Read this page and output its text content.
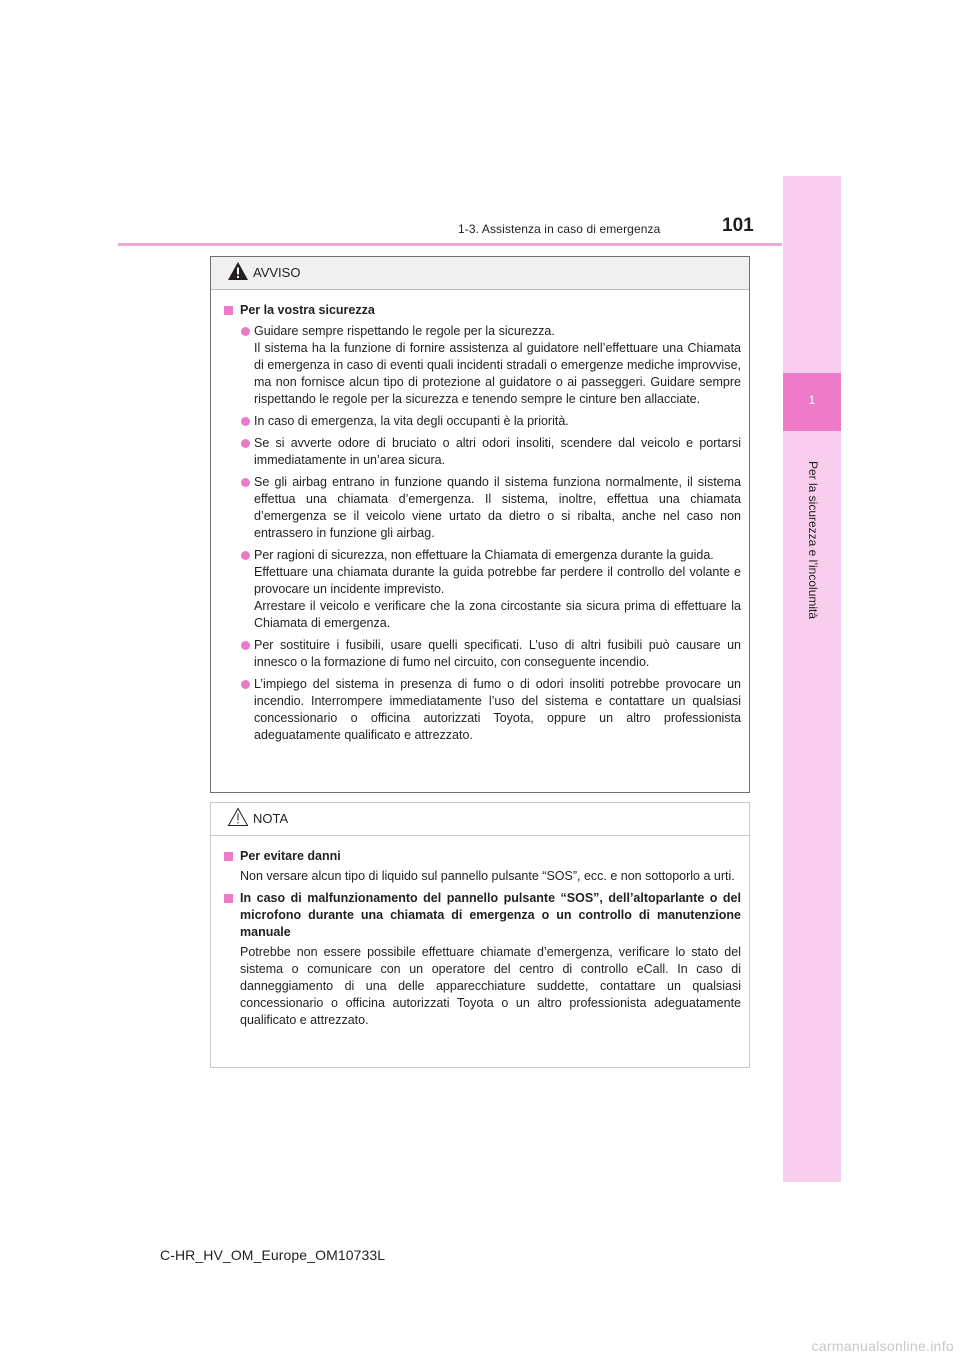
1-3. Assistenza in caso di emergenza	101
1
Per la sicurezza e l’incolumità
AVVISO
Per la vostra sicurezza
Guidare sempre rispettando le regole per la sicurezza.
Il sistema ha la funzione di fornire assistenza al guidatore nell’effettuare una Chiamata di emergenza in caso di eventi quali incidenti stradali o emergenze mediche improvvise, ma non fornisce alcun tipo di protezione al guidatore o ai passeggeri. Guidare sempre rispettando le regole per la sicurezza e tenendo sempre le cinture ben allacciate.
In caso di emergenza, la vita degli occupanti è la priorità.
Se si avverte odore di bruciato o altri odori insoliti, scendere dal veicolo e portarsi immediatamente in un’area sicura.
Se gli airbag entrano in funzione quando il sistema funziona normalmente, il sistema effettua una chiamata d’emergenza. Il sistema, inoltre, effettua una chiamata d’emergenza se il veicolo viene urtato da dietro o si ribalta, anche nel caso non entrassero in funzione gli airbag.
Per ragioni di sicurezza, non effettuare la Chiamata di emergenza durante la guida.
Effettuare una chiamata durante la guida potrebbe far perdere il controllo del volante e provocare un incidente imprevisto.
Arrestare il veicolo e verificare che la zona circostante sia sicura prima di effettuare la Chiamata di emergenza.
Per sostituire i fusibili, usare quelli specificati. L’uso di altri fusibili può causare un innesco o la formazione di fumo nel circuito, con conseguente incendio.
L’impiego del sistema in presenza di fumo o di odori insoliti potrebbe provocare un incendio. Interrompere immediatamente l’uso del sistema e contattare un qualsiasi concessionario o officina autorizzati Toyota, oppure un altro professionista adeguatamente qualificato e attrezzato.
NOTA
Per evitare danni
Non versare alcun tipo di liquido sul pannello pulsante “SOS”, ecc. e non sottoporlo a urti.
In caso di malfunzionamento del pannello pulsante “SOS”, dell’altoparlante o del microfono durante una chiamata di emergenza o un controllo di manutenzione manuale
Potrebbe non essere possibile effettuare chiamate d’emergenza, verificare lo stato del sistema o comunicare con un operatore del centro di controllo eCall. In caso di danneggiamento di una delle apparecchiature suddette, contattare un qualsiasi concessionario o officina autorizzati Toyota o un altro professionista adeguatamente qualificato e attrezzato.
C-HR_HV_OM_Europe_OM10733L
carmanualsonline.info
